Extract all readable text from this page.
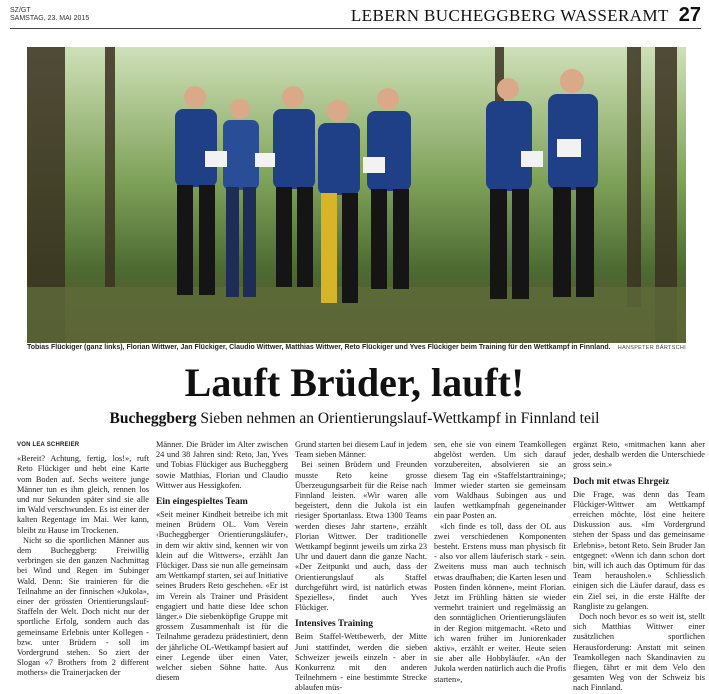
SZ/GT
SAMSTAG, 23. MAI 2015	LEBERN BUCHEGGBERG WASSERAMT 27
Tobias Flückiger (ganz links), Florian Wittwer, Jan Flückiger, Claudio Wittwer, Matthias Wittwer, Reto Flückiger und Yves Flückiger beim Training für den Wettkampf in Finnland. HANSPETER BÄRTSCHI
Lauft Brüder, lauft!
Bucheggberg Sieben nehmen an Orientierungslauf-Wettkampf in Finnland teil
VON LEA SCHREIER

«Bereit? Achtung, fertig, los!», ruft Reto Flückiger und hebt eine Karte vom Boden auf. Sechs weitere junge Männer tun es ihm gleich, rennen los und nur Sekunden später sind sie alle im Wald verschwunden. Es ist einer der kalten Regentage im Mai. Wer kann, bleibt zu Hause im Trockenen.

Nicht so die sportlichen Männer aus dem Bucheggberg: Freiwillig verbringen sie den ganzen Nachmittag bei Wind und Regen im Subinger Wald. Denn: Sie trainieren für die Teilnahme an der finnischen «Jukola», einer der grössten Orientierungslauf-Staffeln der Welt. Doch nicht nur der sportliche Erfolg, sondern auch das gemeinsame Erlebnis unter Kollegen - bzw. unter Brüdern - soll im Vordergrund stehen. So ziert der Slogan «7 Brothers from 2 different mothers» die Trainerjacken der

Männer. Die Brüder im Alter zwischen 24 und 38 Jahren sind: Reto, Jan, Yves und Tobias Flückiger aus Bucheggberg sowie Matthias, Florian und Claudio Wittwer aus Hessigkofen.

Ein eingespieltes Team

«Seit meiner Kindheit betreibe ich mit meinen Brüdern OL. Vom Verein ‹Bucheggberger Orientierungsläufer›, in dem wir aktiv sind, kennen wir von klein auf die Wittwers», erzählt Jan Flückiger. Dass sie nun alle gemeinsam am Wettkampf starten, sei auf Initiative seines Bruders Reto geschehen. «Er ist im Verein als Trainer und Präsident engagiert und hatte diese Idee schon länger.» Die siebenköpfige Gruppe mit grossem Zusammenhalt ist für die Teilnahme geradezu prädestiniert, denn der jährliche OL-Wettkampf basiert auf einer Legende über einen Vater, welcher sieben Söhne hatte. Aus diesem

Grund starten bei diesem Lauf in jedem Team sieben Männer.

Bei seinen Brüdern und Freunden musste Reto keine grosse Überzeugungsarbeit für die Reise nach Finnland leisten. «Wir waren alle begeistert, denn die Jukola ist ein riesiger Sportanlass. Etwa 1300 Teams werden dieses Jahr starten», erzählt Florian Wittwer. Der traditionelle Wettkampf beginnt jeweils um zirka 23 Uhr und dauert dann die ganze Nacht. «Der Zeitpunkt und auch, dass der Orientierungslauf als Staffel durchgeführt wird, ist natürlich etwas Spezielles», findet auch Yves Flückiger.

Intensives Training

Beim Staffel-Wettbewerb, der Mitte Juni stattfindet, werden die sieben Schweizer jeweils einzeln - aber in Konkurrenz mit den anderen Teilnehmern - eine bestimmte Strecke ablaufen müs-

sen, ehe sie von einem Teamkollegen abgelöst werden. Um sich darauf vorzubereiten, absolvieren sie an diesem Tag ein «Staffelstarttraining»; Immer wieder starten sie gemeinsam vom Waldhaus Subingen aus und laufen wettkampfnah gegeneinander ein paar Posten an.

«Ich finde es toll, dass der OL aus zwei verschiedenen Komponenten besteht. Erstens muss man physisch fit - also vor allem läuferisch stark - sein. Zweitens muss man auch technisch etwas draufhaben; die Karten lesen und Posten finden können», meint Florian. Jetzt im Frühling hätten sie wieder vermehrt trainiert und regelmässig an den sonntäglichen Orientierungsläufen in der Region mitgemacht. «Reto und ich waren früher im Juniorenkader aktiv», erzählt er weiter. Heute seien sie aber alle Hobbyläufer. «An der Jukola werden natürlich auch die Profis starten»,

ergänzt Reto, «mitmachen kann aber jeder, deshalb werden die Unterschiede gross sein.»

Doch mit etwas Ehrgeiz

Die Frage, was denn das Team Flückiger-Wittwer am Wettkampf erreichen möchte, löst eine heitere Diskussion aus. «Im Vordergrund stehen der Spass und das gemeinsame Erlebnis», betont Reto. Sein Bruder Jan entgegnet: «Wenn ich dann schon dort bin, will ich auch das Optimum für das Team herausholen.» Schliesslich einigen sich die Läufer darauf, dass es ein Ziel sei, in die erste Hälfte der Rangliste zu gelangen.

Doch noch bevor es so weit ist, stellt sich Matthias Wittwer einer zusätzlichen sportlichen Herausforderung: Anstatt mit seinen Teamkollegen nach Skandinavien zu fliegen, fährt er mit dem Velo den gesamten Weg von der Schweiz bis nach Finnland.
